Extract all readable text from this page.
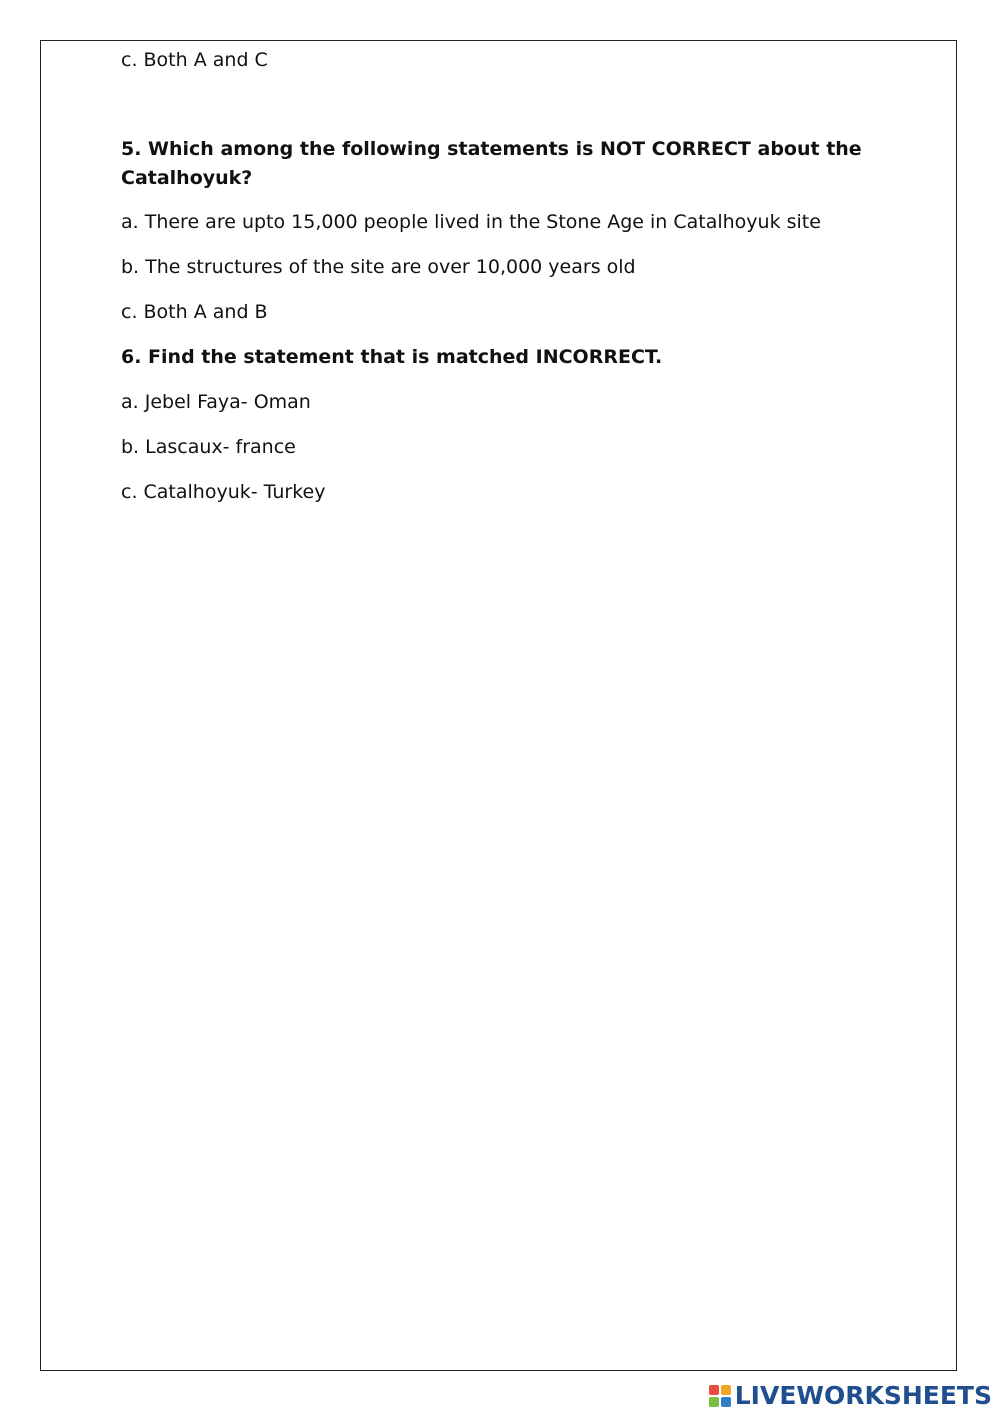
c. Both A and C
5. Which among the following statements is NOT CORRECT about the Catalhoyuk?
a. There are upto 15,000 people lived in the Stone Age in Catalhoyuk site
b. The structures of the site are over 10,000 years old
c. Both A and B
6. Find the statement that is matched INCORRECT.
a. Jebel Faya- Oman
b. Lascaux- france
c. Catalhoyuk- Turkey
LIVEWORKSHEETS
